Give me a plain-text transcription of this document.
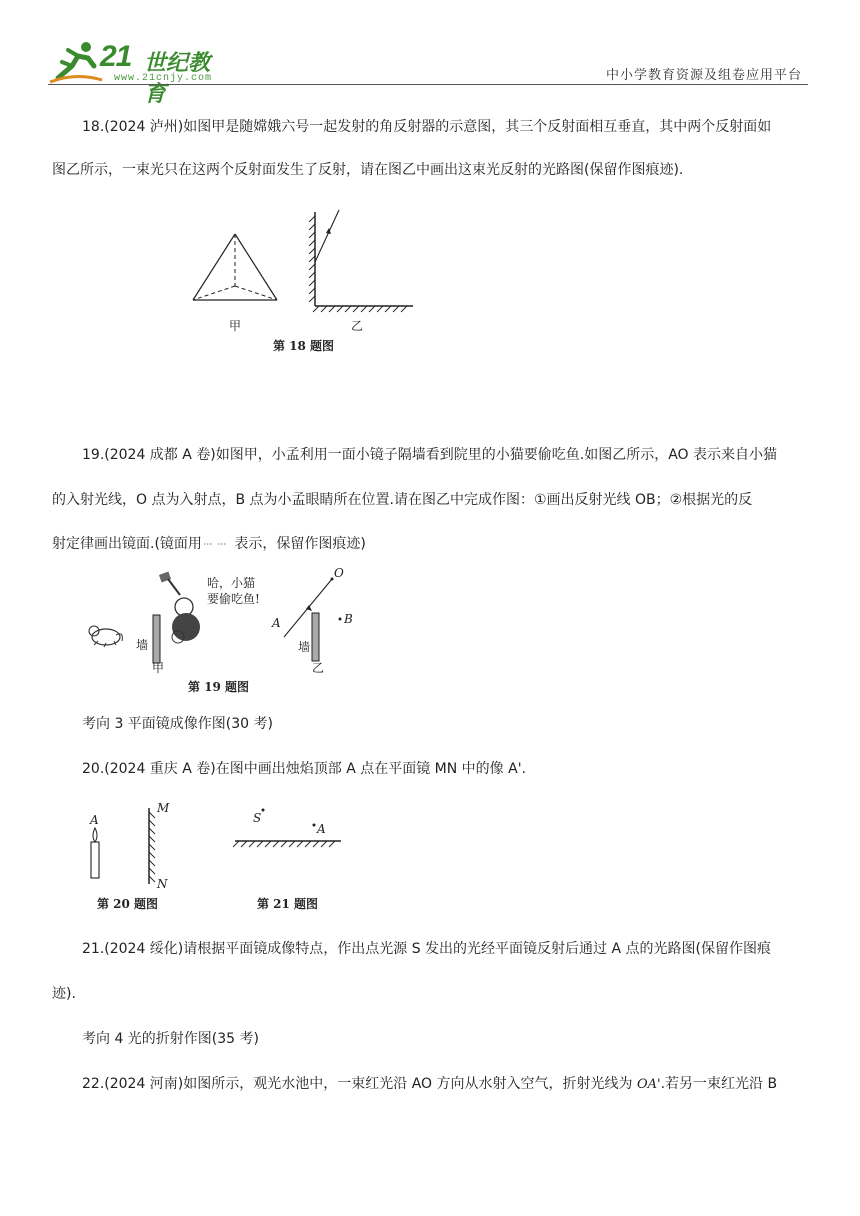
21 世纪教育
www.21cnjy.com	中小学教育资源及组卷应用平台
18.(2024 泸州)如图甲是随嫦娥六号一起发射的角反射器的示意图，其三个反射面相互垂直，其中两个反射面如
图乙所示，一束光只在这两个反射面发生了反射，请在图乙中画出这束光反射的光路图(保留作图痕迹).
甲	乙
第 18 题图
19.(2024 成都 A 卷)如图甲，小孟利用一面小镜子隔墙看到院里的小猫要偷吃鱼.如图乙所示，AO 表示来自小猫
的入射光线，O 点为入射点，B 点为小孟眼睛所在位置.请在图乙中完成作图：①画出反射光线 OB；②根据光的反
射定律画出镜面.(镜面用 表示，保留作图痕迹)
墙
哈，小猫
要偷吃鱼!
甲
O
A
墙
B
乙
第 19 题图
考向 3 平面镜成像作图(30 考)
20.(2024 重庆 A 卷)在图中画出烛焰顶部 A 点在平面镜 MN 中的像 A'.
A
M
N
第 20 题图
S
A
第 21 题图
21.(2024 绥化)请根据平面镜成像特点，作出点光源 S 发出的光经平面镜反射后通过 A 点的光路图(保留作图痕
迹).
考向 4 光的折射作图(35 考)
22.(2024 河南)如图所示，观光水池中，一束红光沿 AO 方向从水射入空气，折射光线为 OA'.若另一束红光沿 B
